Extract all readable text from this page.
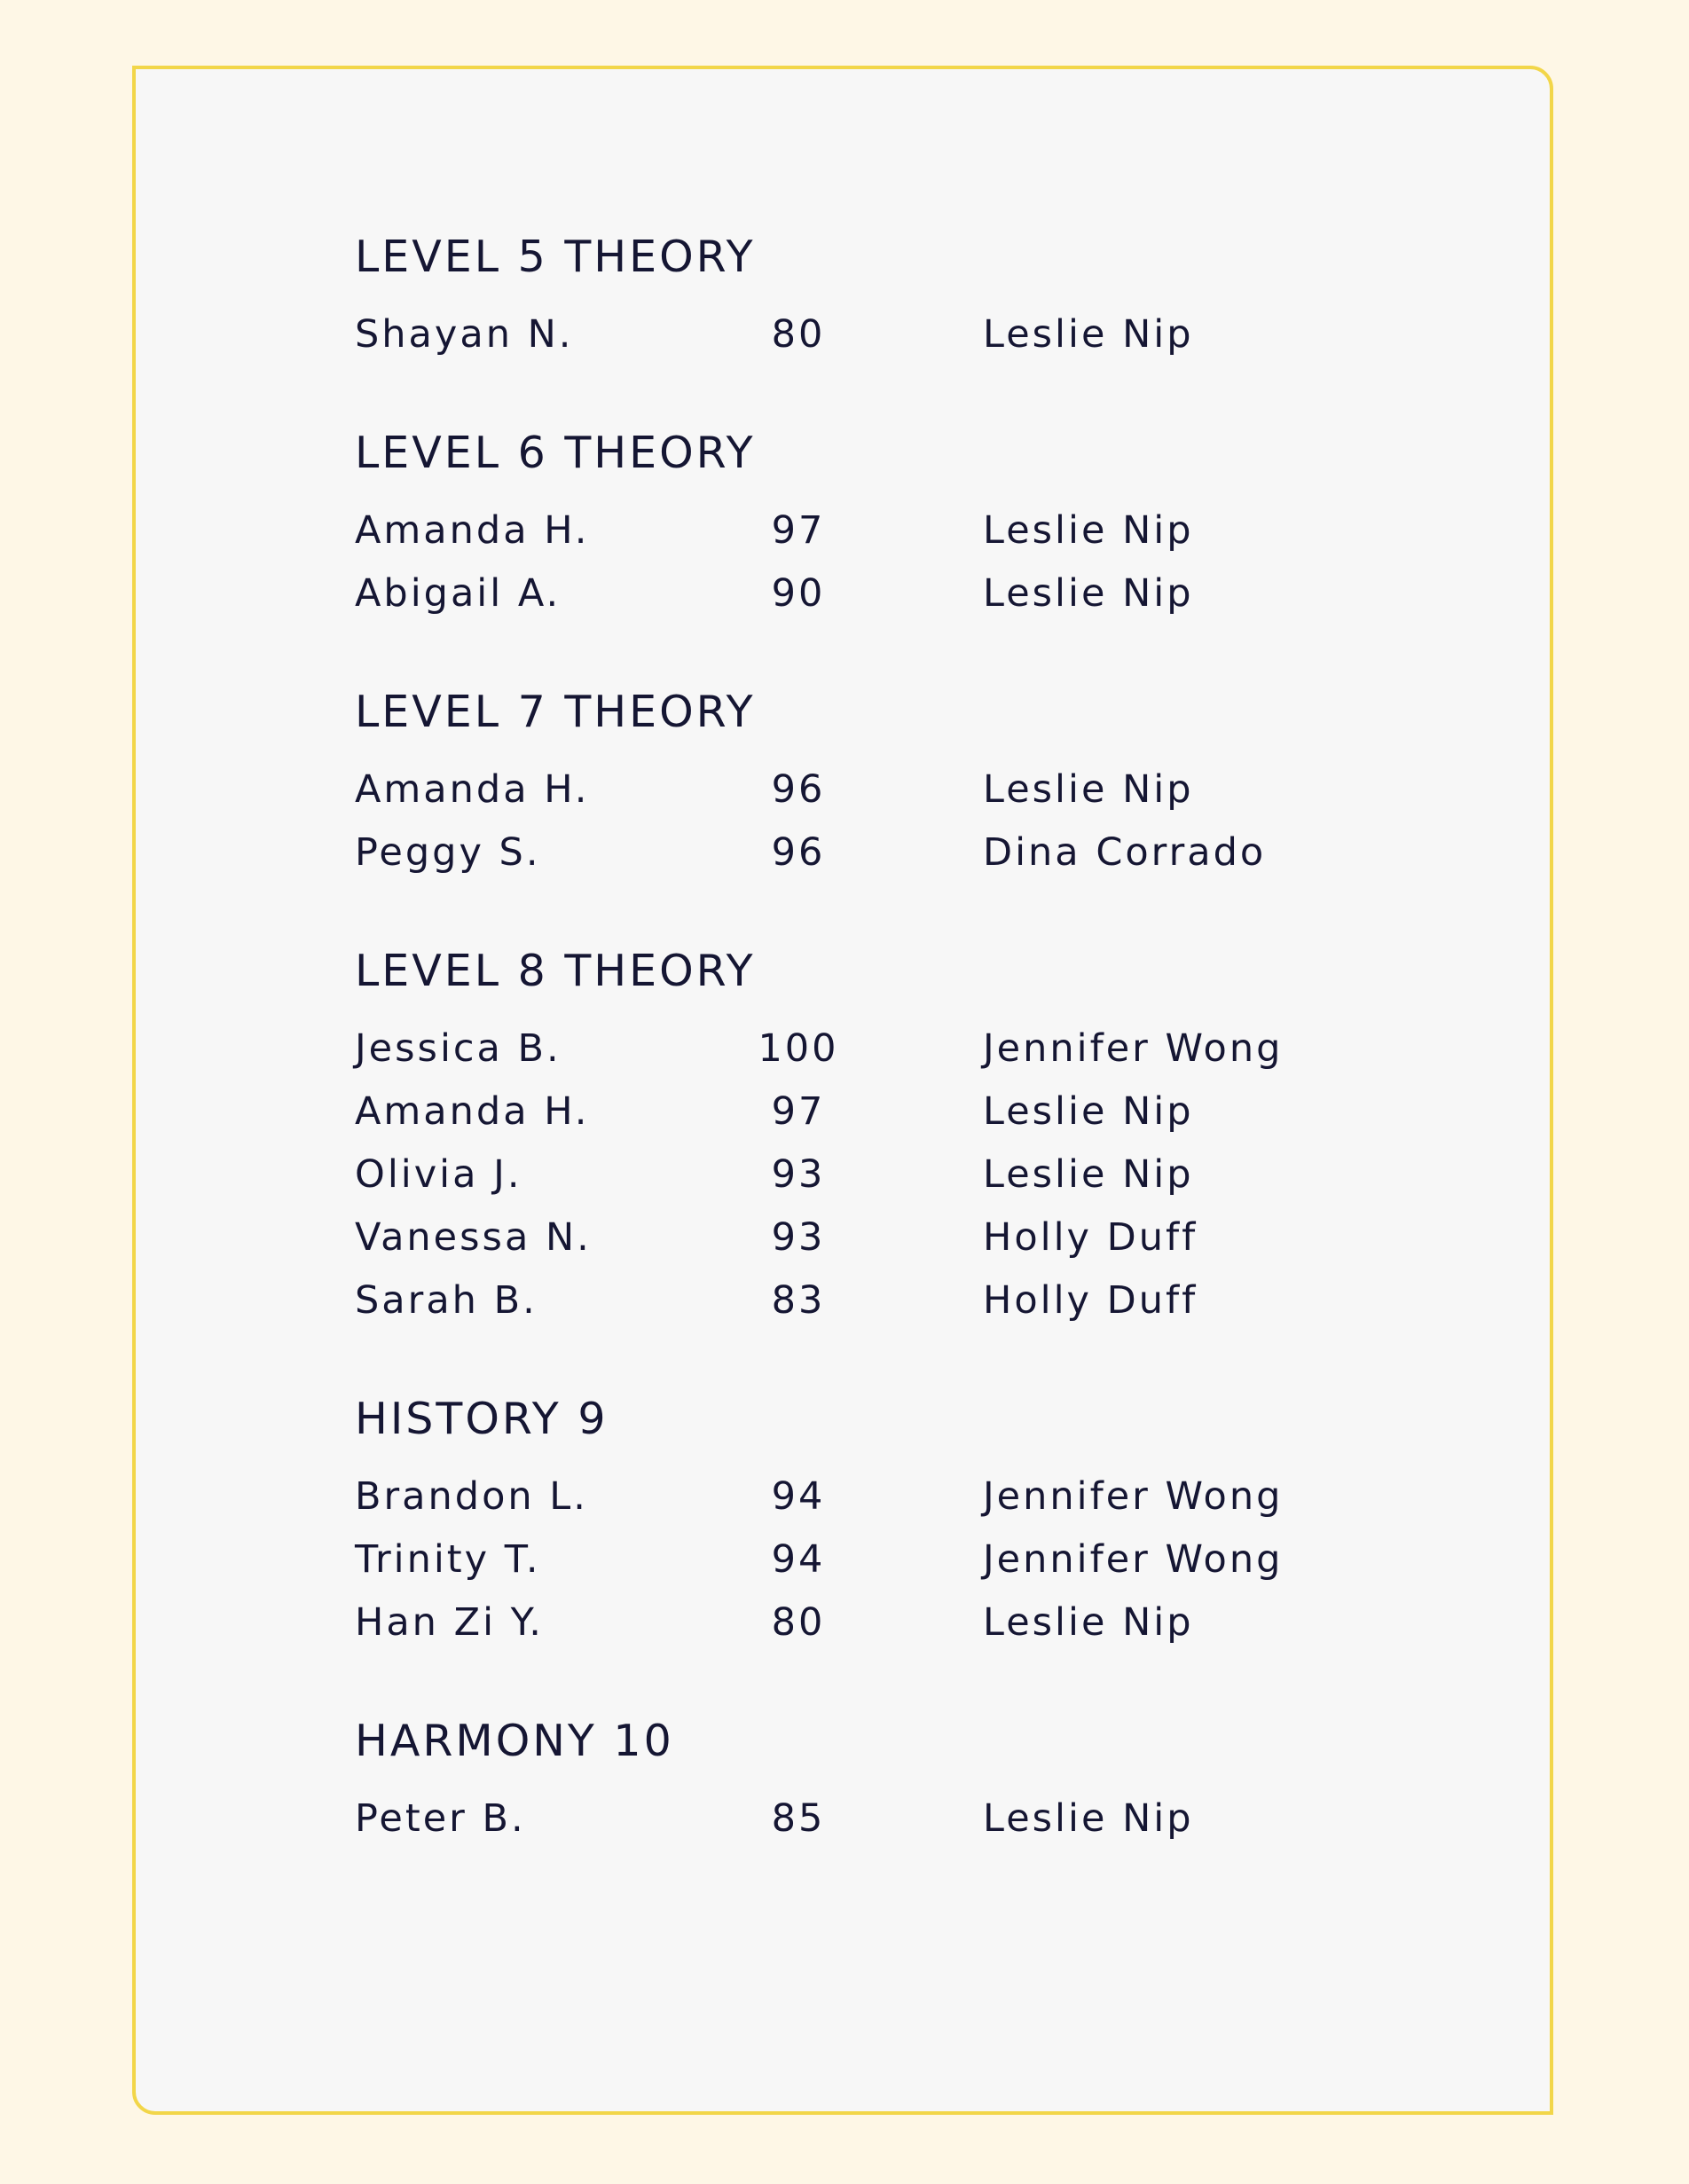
LEVEL 5 THEORY
Shayan N.	80	Leslie Nip
LEVEL 6 THEORY
Amanda H.	97	Leslie Nip
Abigail A.	90	Leslie Nip
LEVEL 7 THEORY
Amanda H.	96	Leslie Nip
Peggy S.	96	Dina Corrado
LEVEL 8 THEORY
Jessica B.	100	Jennifer Wong
Amanda H.	97	Leslie Nip
Olivia J.	93	Leslie Nip
Vanessa N.	93	Holly Duff
Sarah B.	83	Holly Duff
HISTORY 9
Brandon L.	94	Jennifer Wong
Trinity T.	94	Jennifer Wong
Han Zi Y.	80	Leslie Nip
HARMONY 10
Peter B.	85	Leslie Nip
